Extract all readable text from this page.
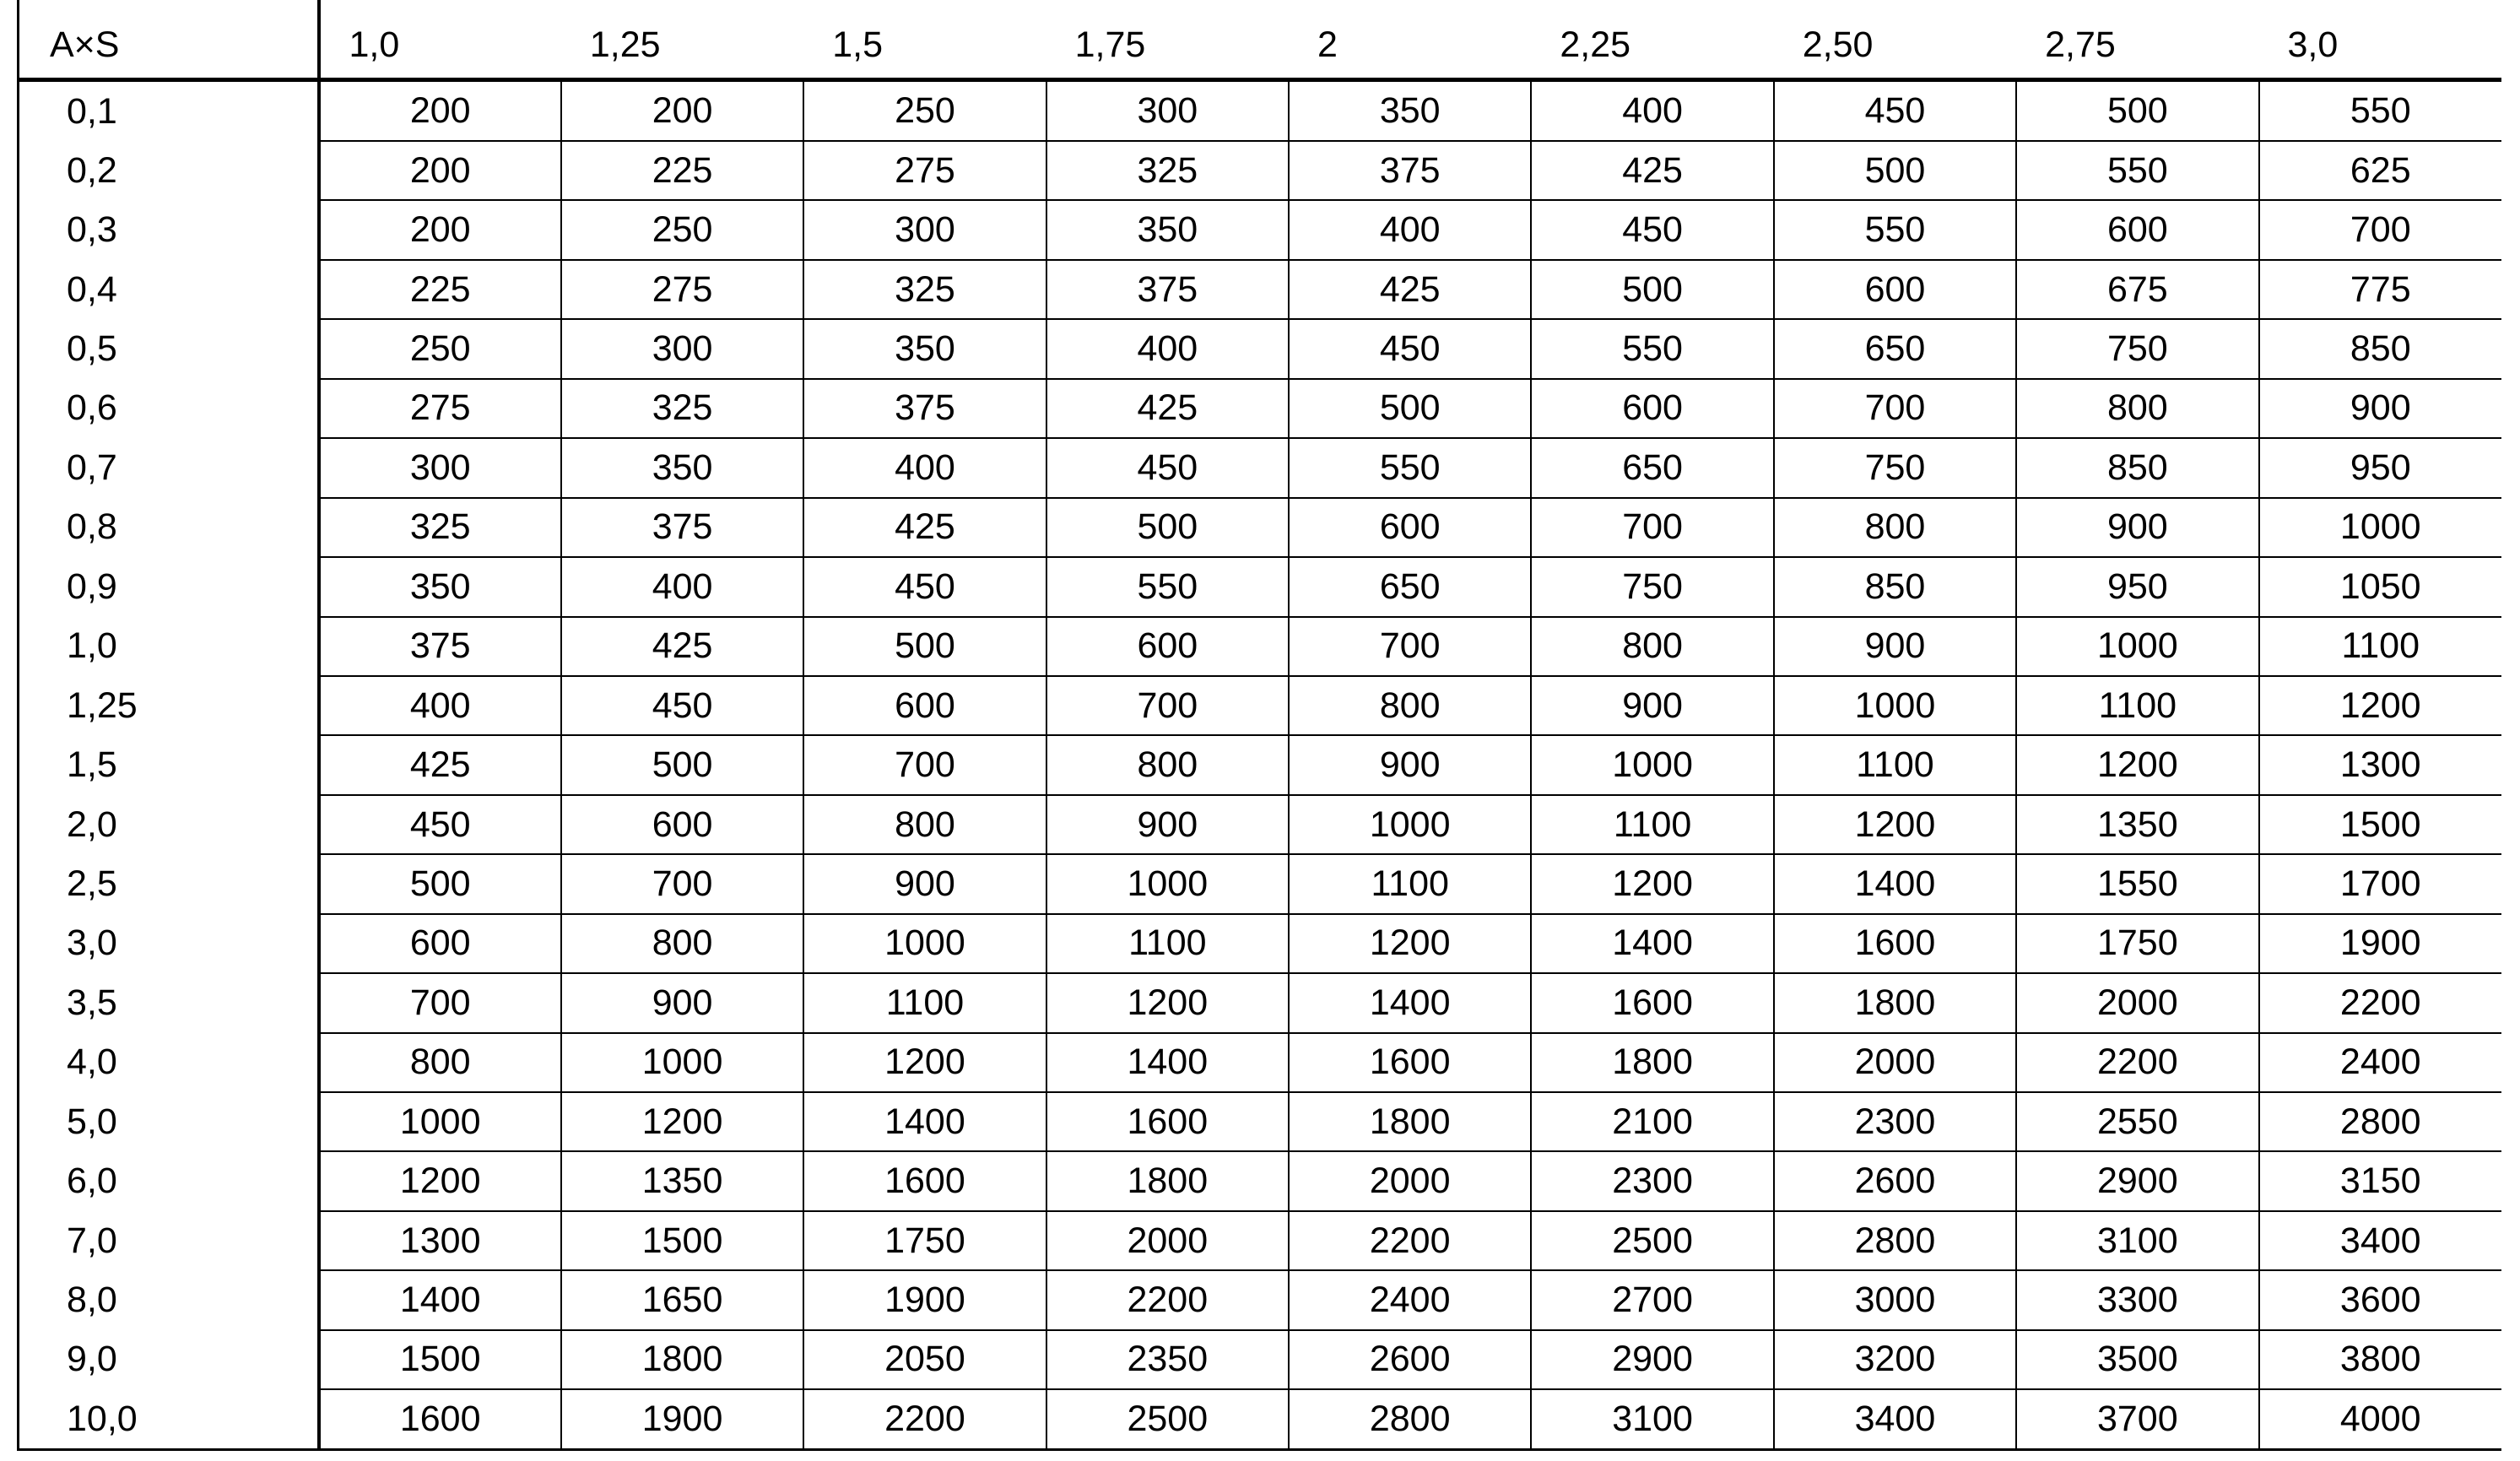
A×S	1,0	1,25	1,5	1,75	2	2,25	2,50	2,75	3,0
0,1	200	200	250	300	350	400	450	500	550
0,2	200	225	275	325	375	425	500	550	625
0,3	200	250	300	350	400	450	550	600	700
0,4	225	275	325	375	425	500	600	675	775
0,5	250	300	350	400	450	550	650	750	850
0,6	275	325	375	425	500	600	700	800	900
0,7	300	350	400	450	550	650	750	850	950
0,8	325	375	425	500	600	700	800	900	1000
0,9	350	400	450	550	650	750	850	950	1050
1,0	375	425	500	600	700	800	900	1000	1100
1,25	400	450	600	700	800	900	1000	1100	1200
1,5	425	500	700	800	900	1000	1100	1200	1300
2,0	450	600	800	900	1000	1100	1200	1350	1500
2,5	500	700	900	1000	1100	1200	1400	1550	1700
3,0	600	800	1000	1100	1200	1400	1600	1750	1900
3,5	700	900	1100	1200	1400	1600	1800	2000	2200
4,0	800	1000	1200	1400	1600	1800	2000	2200	2400
5,0	1000	1200	1400	1600	1800	2100	2300	2550	2800
6,0	1200	1350	1600	1800	2000	2300	2600	2900	3150
7,0	1300	1500	1750	2000	2200	2500	2800	3100	3400
8,0	1400	1650	1900	2200	2400	2700	3000	3300	3600
9,0	1500	1800	2050	2350	2600	2900	3200	3500	3800
10,0	1600	1900	2200	2500	2800	3100	3400	3700	4000
